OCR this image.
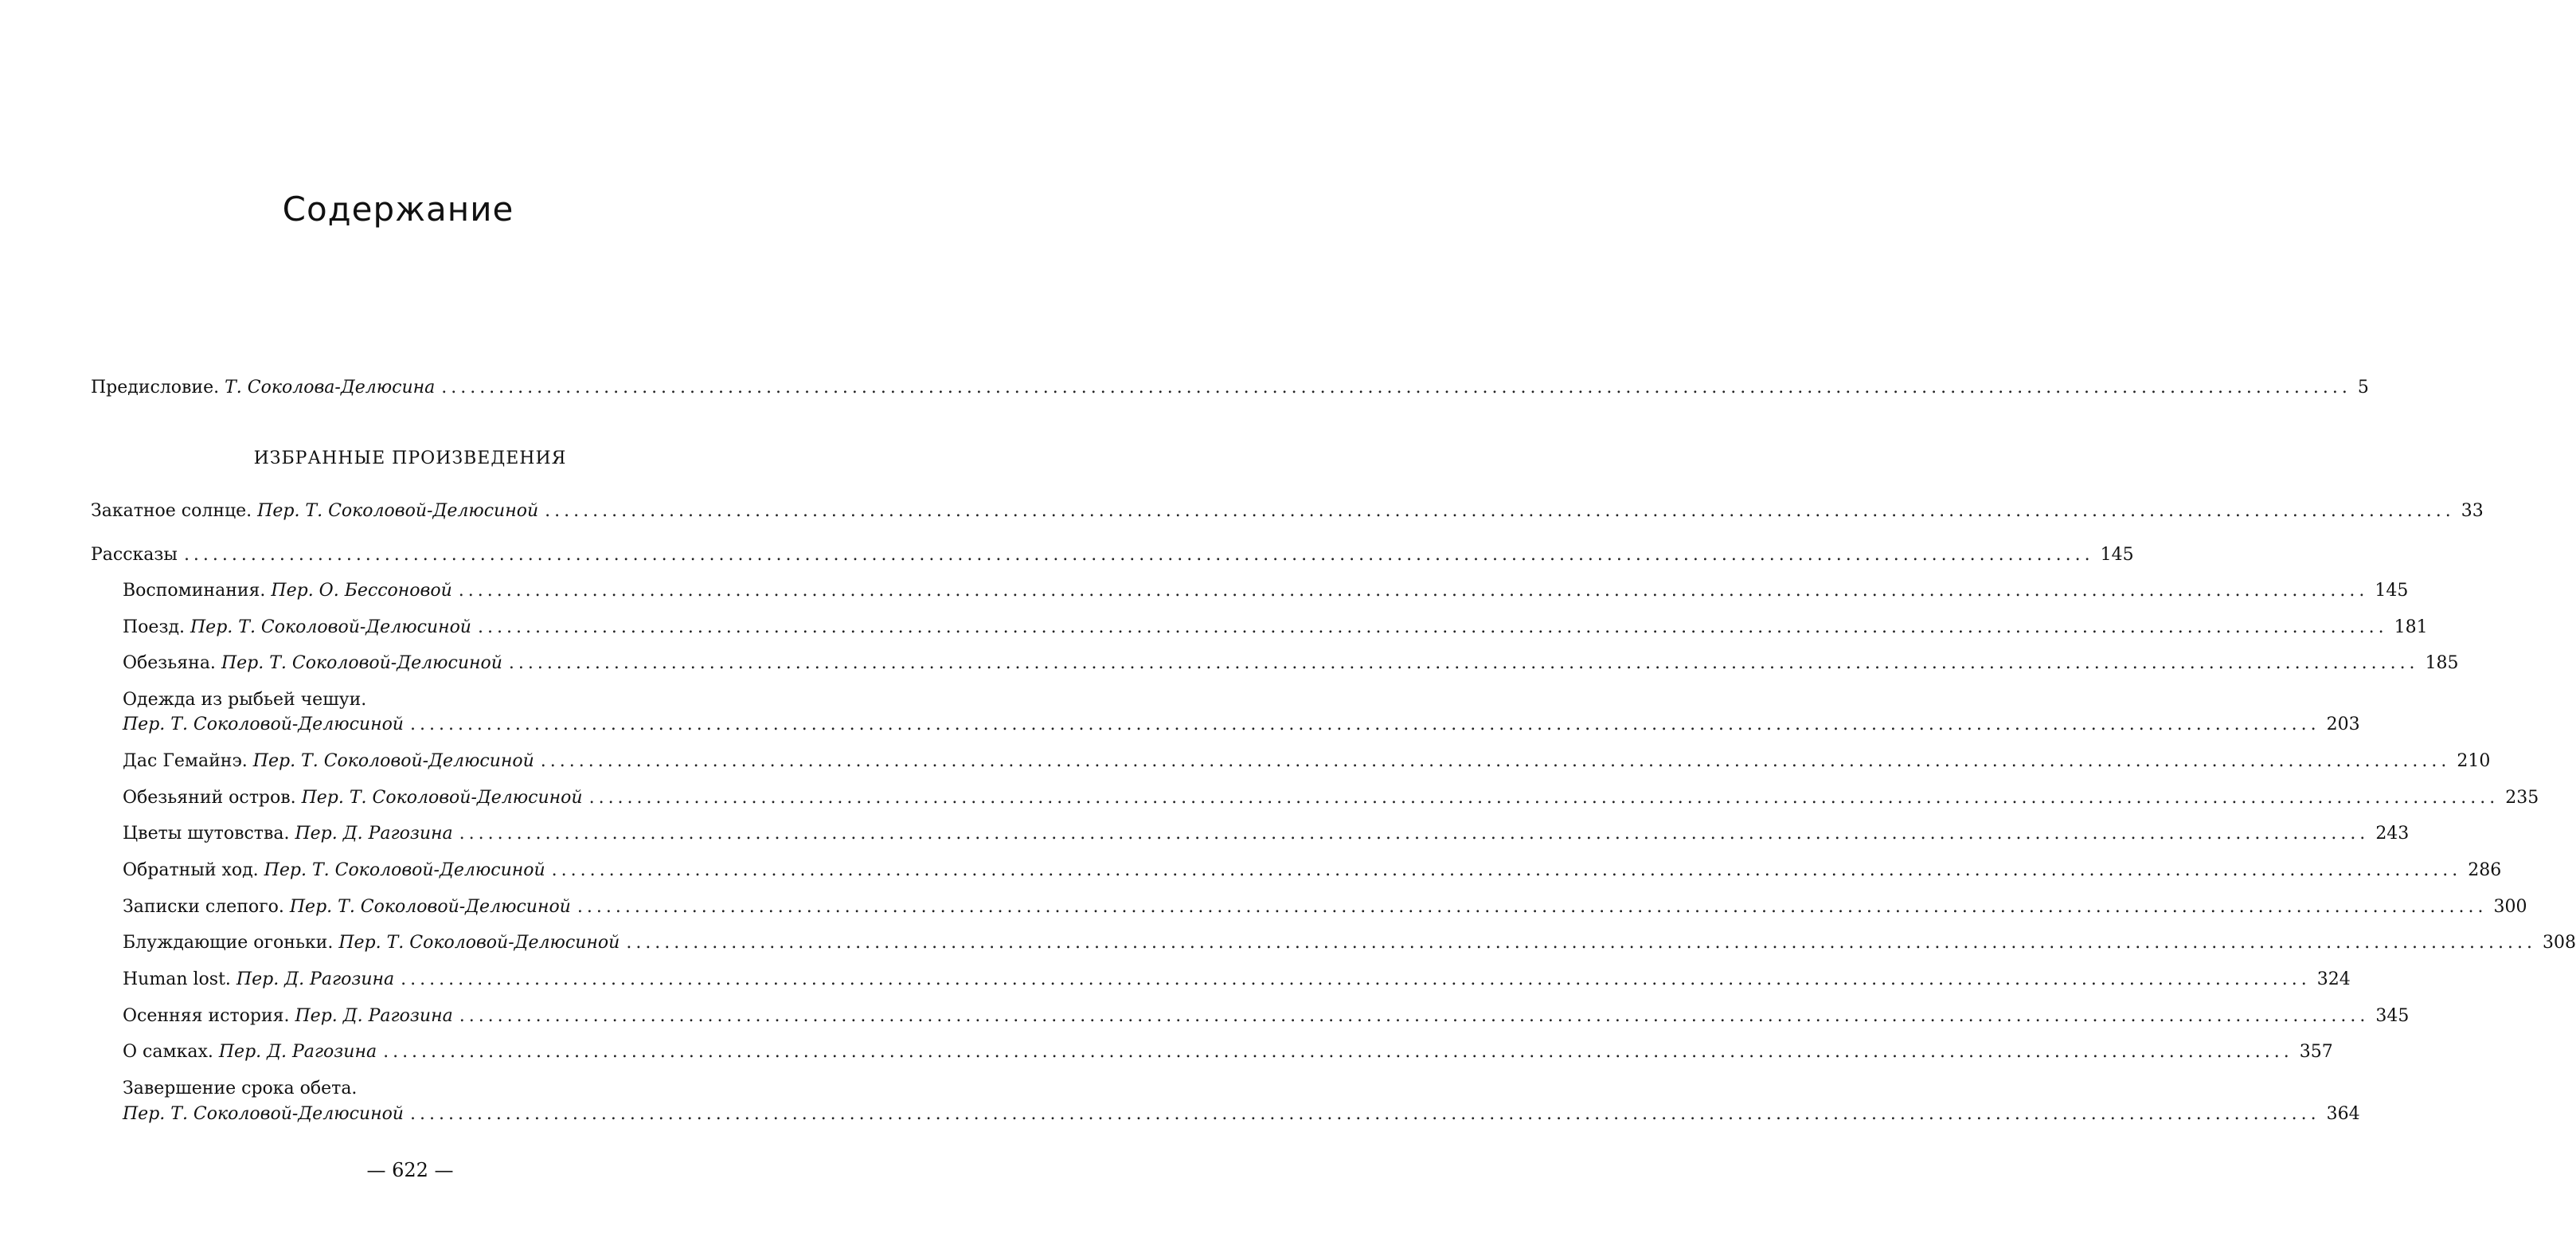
Содержание
Предисловие.
Т. Соколова-Делюсина ........................................................................................................................................................................................................ 5
ИЗБРАННЫЕ ПРОИЗВЕДЕНИЯ
Закатное солнце.
Пер. Т. Соколовой-Делюсиной ........................................................................................................................................................................................................ 33
Рассказы ........................................................................................................................................................................................................ 145
Воспоминания.
Пер. О. Бессоновой ........................................................................................................................................................................................................ 145
Поезд.
Пер. Т. Соколовой-Делюсиной ........................................................................................................................................................................................................ 181
Обезьяна.
Пер. Т. Соколовой-Делюсиной ........................................................................................................................................................................................................ 185
Одежда из рыбьей чешуи.
Пер. Т. Соколовой-Делюсиной ........................................................................................................................................................................................................ 203
Дас Гемайнэ.
Пер. Т. Соколовой-Делюсиной ........................................................................................................................................................................................................ 210
Обезьяний остров.
Пер. Т. Соколовой-Делюсиной ........................................................................................................................................................................................................ 235
Цветы шутовства.
Пер. Д. Рагозина ........................................................................................................................................................................................................ 243
Обратный ход.
Пер. Т. Соколовой-Делюсиной ........................................................................................................................................................................................................ 286
Записки слепого.
Пер. Т. Соколовой-Делюсиной ........................................................................................................................................................................................................ 300
Блуждающие огоньки.
Пер. Т. Соколовой-Делюсиной ........................................................................................................................................................................................................ 308
Human lost.
Пер. Д. Рагозина ........................................................................................................................................................................................................ 324
Осенняя история.
Пер. Д. Рагозина ........................................................................................................................................................................................................ 345
О самках.
Пер. Д. Рагозина ........................................................................................................................................................................................................ 357
Завершение срока обета.
Пер. Т. Соколовой-Делюсиной ........................................................................................................................................................................................................ 364
— 622 —
